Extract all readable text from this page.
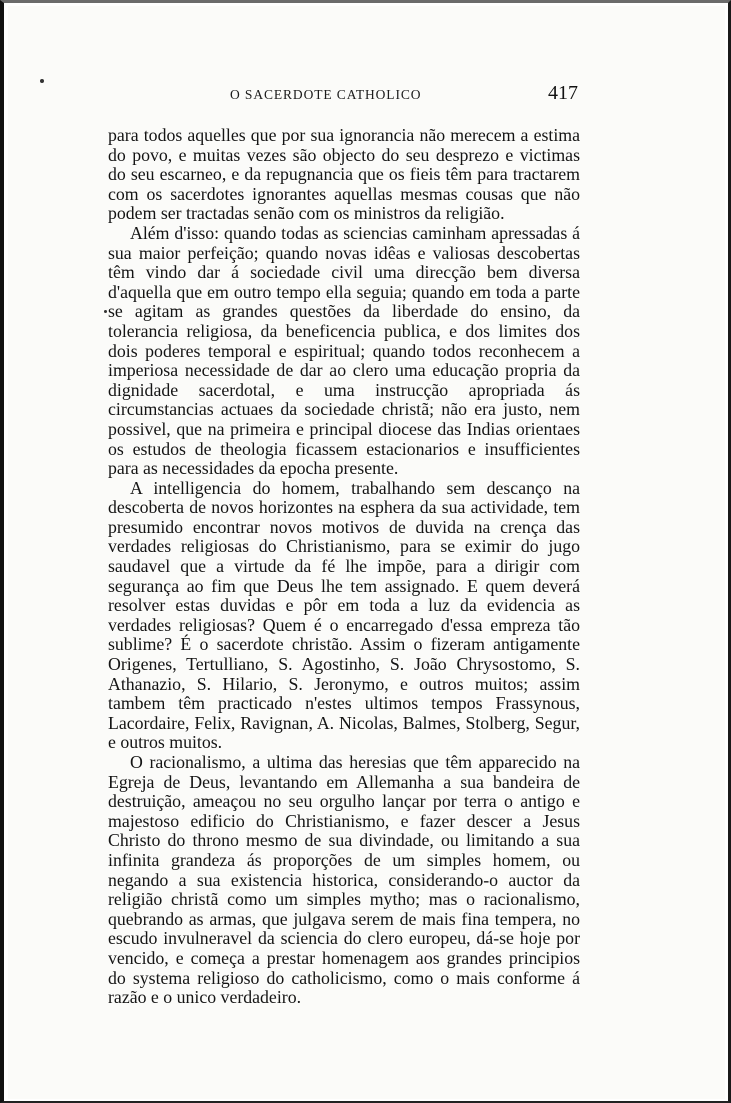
O SACERDOTE CATHOLICO	417

para todos aquelles que por sua ignorancia não merecem a estima do povo, e muitas vezes são objecto do seu desprezo e victimas do seu escarneo, e da repugnancia que os fieis têm para tractarem com os sacerdotes ignorantes aquellas mesmas cousas que não podem ser tractadas senão com os ministros da religião.

Além d'isso: quando todas as sciencias caminham apressadas á sua maior perfeição; quando novas idêas e valiosas descobertas têm vindo dar á sociedade civil uma direcção bem diversa d'aquella que em outro tempo ella seguia; quando em toda a parte se agitam as grandes questões da liberdade do ensino, da tolerancia religiosa, da beneficencia publica, e dos limites dos dois poderes temporal e espiritual; quando todos reconhecem a imperiosa necessidade de dar ao clero uma educação propria da dignidade sacerdotal, e uma instrucção apropriada ás circumstancias actuaes da sociedade christã; não era justo, nem possivel, que na primeira e principal diocese das Indias orientaes os estudos de theologia ficassem estacionarios e insufficientes para as necessidades da epocha presente.

A intelligencia do homem, trabalhando sem descanço na descoberta de novos horizontes na esphera da sua actividade, tem presumido encontrar novos motivos de duvida na crença das verdades religiosas do Christianismo, para se eximir do jugo saudavel que a virtude da fé lhe impõe, para a dirigir com segurança ao fim que Deus lhe tem assignado. E quem deverá resolver estas duvidas e pôr em toda a luz da evidencia as verdades religiosas? Quem é o encarregado d'essa empreza tão sublime? É o sacerdote christão. Assim o fizeram antigamente Origenes, Tertulliano, S. Agostinho, S. João Chrysostomo, S. Athanazio, S. Hilario, S. Jeronymo, e outros muitos; assim tambem têm practicado n'estes ultimos tempos Frassynous, Lacordaire, Felix, Ravignan, A. Nicolas, Balmes, Stolberg, Segur, e outros muitos.

O racionalismo, a ultima das heresias que têm apparecido na Egreja de Deus, levantando em Allemanha a sua bandeira de destruição, ameaçou no seu orgulho lançar por terra o antigo e majestoso edificio do Christianismo, e fazer descer a Jesus Christo do throno mesmo de sua divindade, ou limitando a sua infinita grandeza ás proporções de um simples homem, ou negando a sua existencia historica, considerando-o auctor da religião christã como um simples mytho; mas o racionalismo, quebrando as armas, que julgava serem de mais fina tempera, no escudo invulneravel da sciencia do clero europeu, dá-se hoje por vencido, e começa a prestar homenagem aos grandes principios do systema religioso do catholicismo, como o mais conforme á razão e o unico verdadeiro.
